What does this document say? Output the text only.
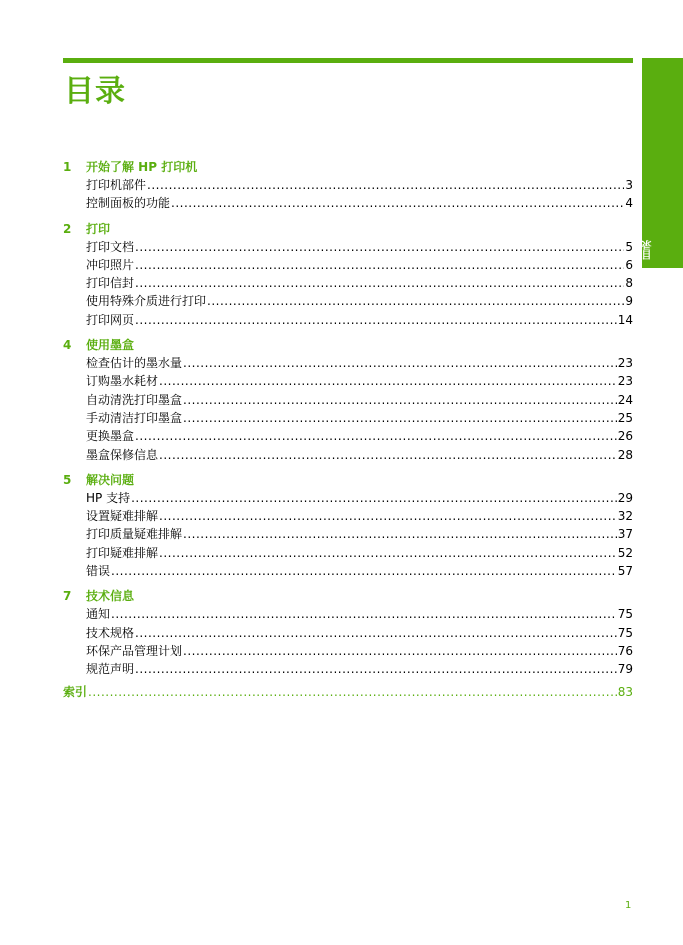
目录
目录
1	开始了解 HP 打印机
打印机部件 .....	3
控制面板的功能 .....	4
2	打印
打印文档 .....	5
冲印照片 .....	6
打印信封 .....	8
使用特殊介质进行打印 .....	9
打印网页 .....	14
4	使用墨盒
检查估计的墨水量 .....	23
订购墨水耗材 .....	23
自动清洗打印墨盒 .....	24
手动清洁打印墨盒 .....	25
更换墨盒 .....	26
墨盒保修信息 .....	28
5	解决问题
HP 支持 .....	29
设置疑难排解 .....	32
打印质量疑难排解 .....	37
打印疑难排解 .....	52
错误 .....	57
7	技术信息
通知 .....	75
技术规格 .....	75
环保产品管理计划 .....	76
规范声明 .....	79
索引 .....	83
1
